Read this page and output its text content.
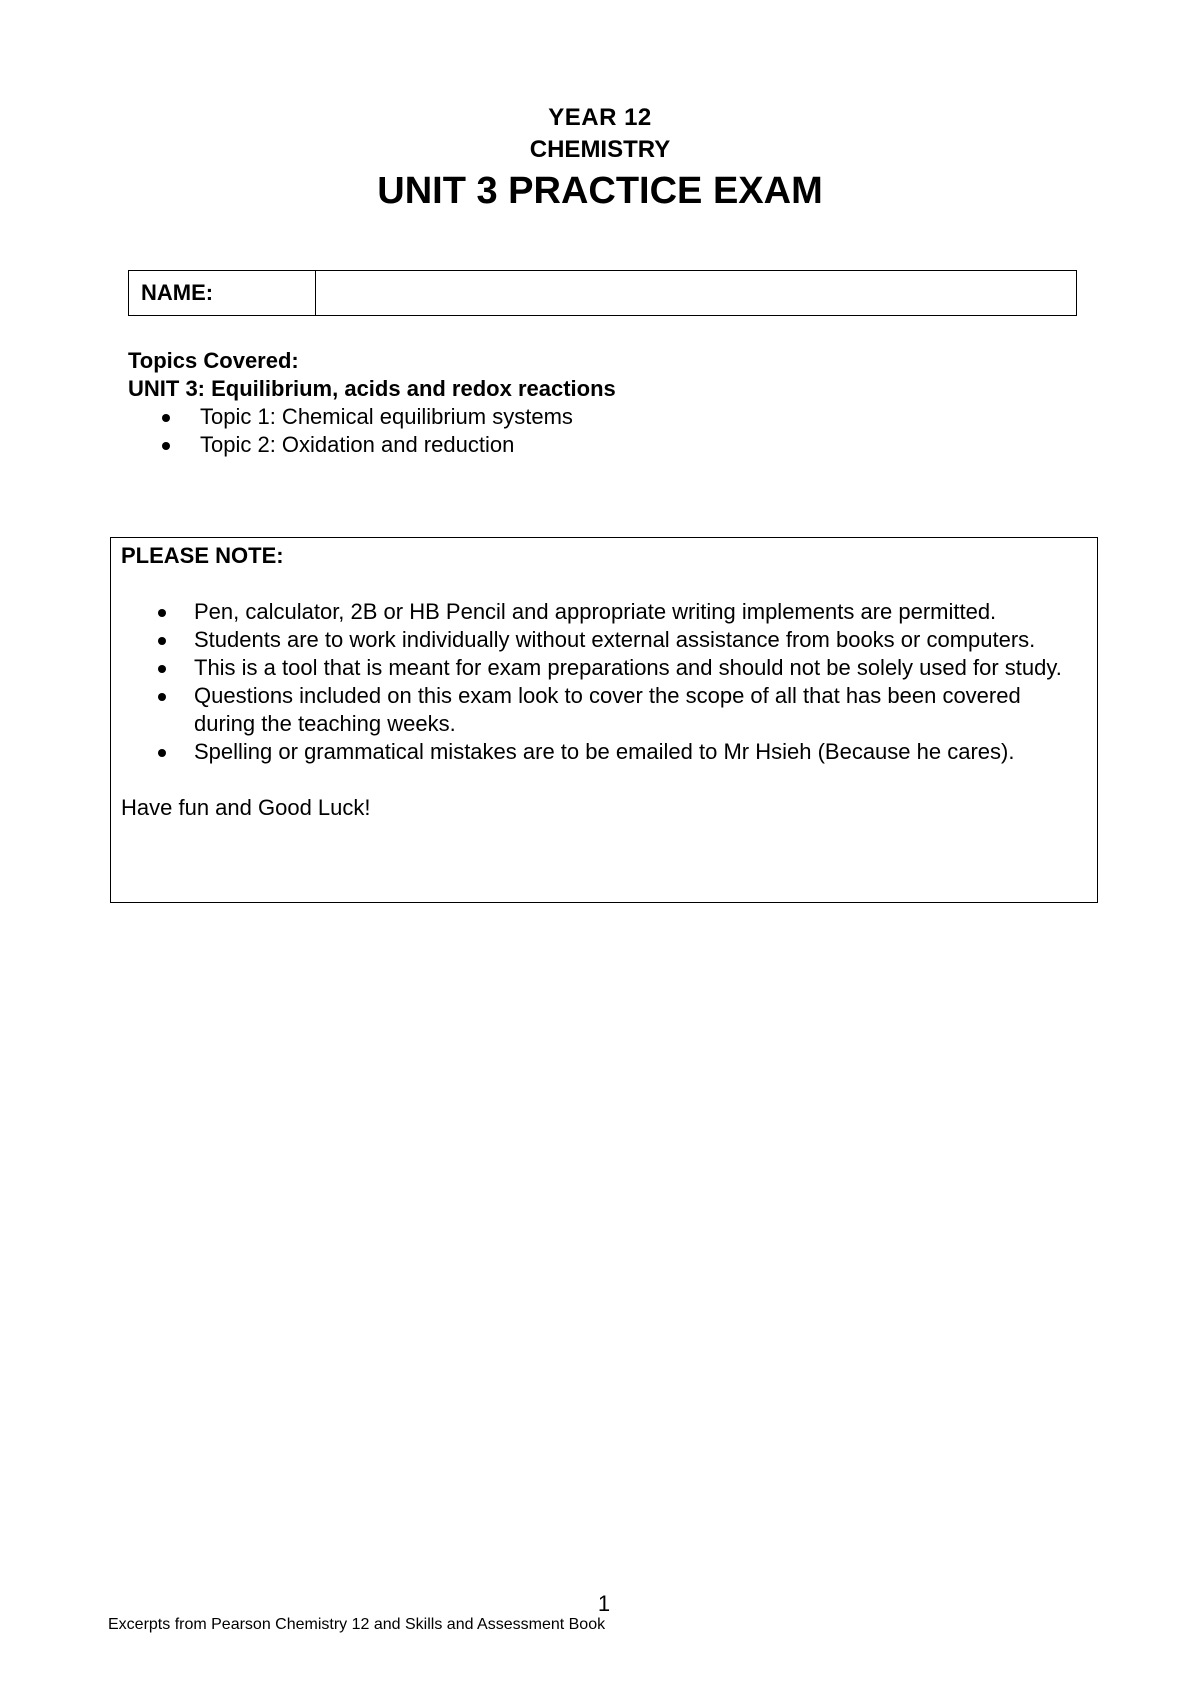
YEAR 12
CHEMISTRY
UNIT 3 PRACTICE EXAM
NAME:
Topics Covered:
UNIT 3: Equilibrium, acids and redox reactions
Topic 1: Chemical equilibrium systems
Topic 2: Oxidation and reduction
PLEASE NOTE:
Pen, calculator, 2B or HB Pencil and appropriate writing implements are permitted.
Students are to work individually without external assistance from books or computers.
This is a tool that is meant for exam preparations and should not be solely used for study.
Questions included on this exam look to cover the scope of all that has been covered during the teaching weeks.
Spelling or grammatical mistakes are to be emailed to Mr Hsieh (Because he cares).
Have fun and Good Luck!
1
Excerpts from Pearson Chemistry 12 and Skills and Assessment Book
